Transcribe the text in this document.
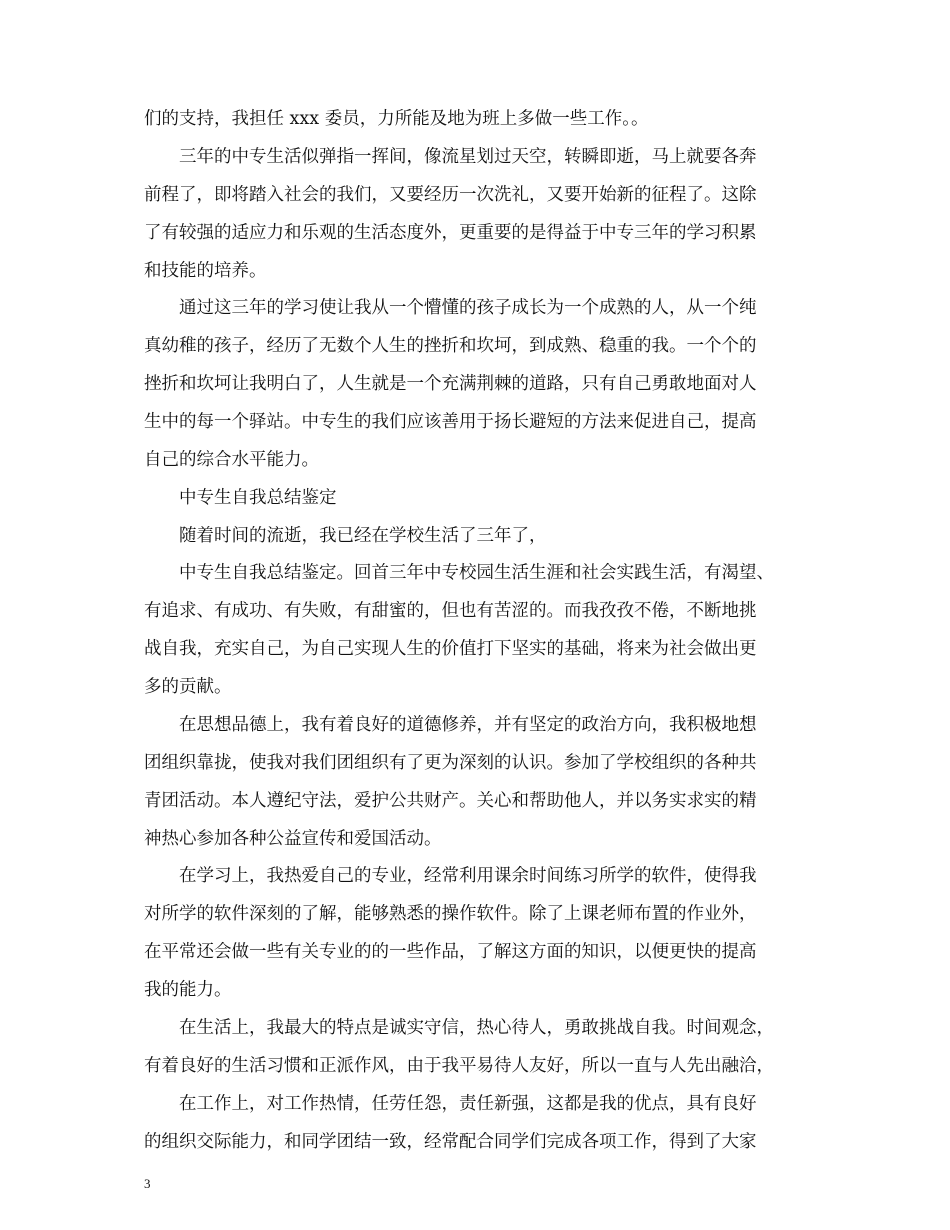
们的支持，我担任 xxx 委员，力所能及地为班上多做一些工作。。
三年的中专生活似弹指一挥间，像流星划过天空，转瞬即逝，马上就要各奔
前程了，即将踏入社会的我们，又要经历一次洗礼，又要开始新的征程了。这除
了有较强的适应力和乐观的生活态度外，更重要的是得益于中专三年的学习积累
和技能的培养。
通过这三年的学习使让我从一个懵懂的孩子成长为一个成熟的人，从一个纯
真幼稚的孩子，经历了无数个人生的挫折和坎坷，到成熟、稳重的我。一个个的
挫折和坎坷让我明白了，人生就是一个充满荆棘的道路，只有自己勇敢地面对人
生中的每一个驿站。中专生的我们应该善用于扬长避短的方法来促进自己，提高
自己的综合水平能力。
中专生自我总结鉴定
随着时间的流逝，我已经在学校生活了三年了，
中专生自我总结鉴定。回首三年中专校园生活生涯和社会实践生活，有渴望、
有追求、有成功、有失败，有甜蜜的，但也有苦涩的。而我孜孜不倦，不断地挑
战自我，充实自己，为自己实现人生的价值打下坚实的基础，将来为社会做出更
多的贡献。
在思想品德上，我有着良好的道德修养，并有坚定的政治方向，我积极地想
团组织靠拢，使我对我们团组织有了更为深刻的认识。参加了学校组织的各种共
青团活动。本人遵纪守法，爱护公共财产。关心和帮助他人，并以务实求实的精
神热心参加各种公益宣传和爱国活动。
在学习上，我热爱自己的专业，经常利用课余时间练习所学的软件，使得我
对所学的软件深刻的了解，能够熟悉的操作软件。除了上课老师布置的作业外，
在平常还会做一些有关专业的的一些作品，了解这方面的知识，以便更快的提高
我的能力。
在生活上，我最大的特点是诚实守信，热心待人，勇敢挑战自我。时间观念，
有着良好的生活习惯和正派作风，由于我平易待人友好，所以一直与人先出融洽，
在工作上，对工作热情，任劳任怨，责任新强，这都是我的优点，具有良好
的组织交际能力，和同学团结一致，经常配合同学们完成各项工作，得到了大家
3
